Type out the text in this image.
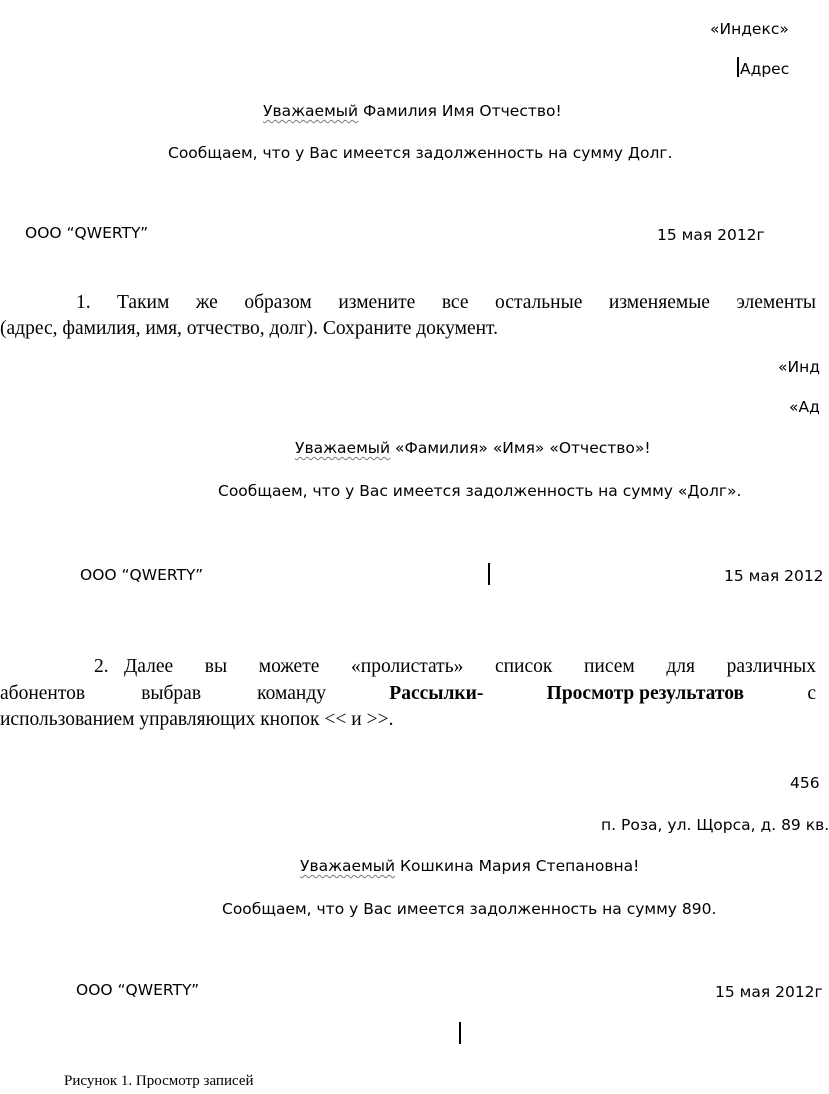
«Индекс»
Адрес
Уважаемый Фамилия Имя Отчество!
Сообщаем, что у Вас имеется задолженность на сумму Долг.
ООО “QWERTY”	15 мая 2012г
1. Таким же образом измените все остальные изменяемые элементы
(адрес, фамилия, имя, отчество, долг). Сохраните документ.
«Инд
«Ад
Уважаемый «Фамилия» «Имя» «Отчество»!
Сообщаем, что у Вас имеется задолженность на сумму «Долг».
ООО “QWERTY”	15 мая 2012
2. Далее вы можете «пролистать» список писем для различных
абонентов выбрав команду	Рассылки-	Просмотр результатов	с
использованием управляющих кнопок << и >>.
456
п. Роза, ул. Щорса, д. 89 кв.
Уважаемый Кошкина Мария Степановна!
Сообщаем, что у Вас имеется задолженность на сумму 890.
ООО “QWERTY”	15 мая 2012г
Рисунок 1. Просмотр записей
